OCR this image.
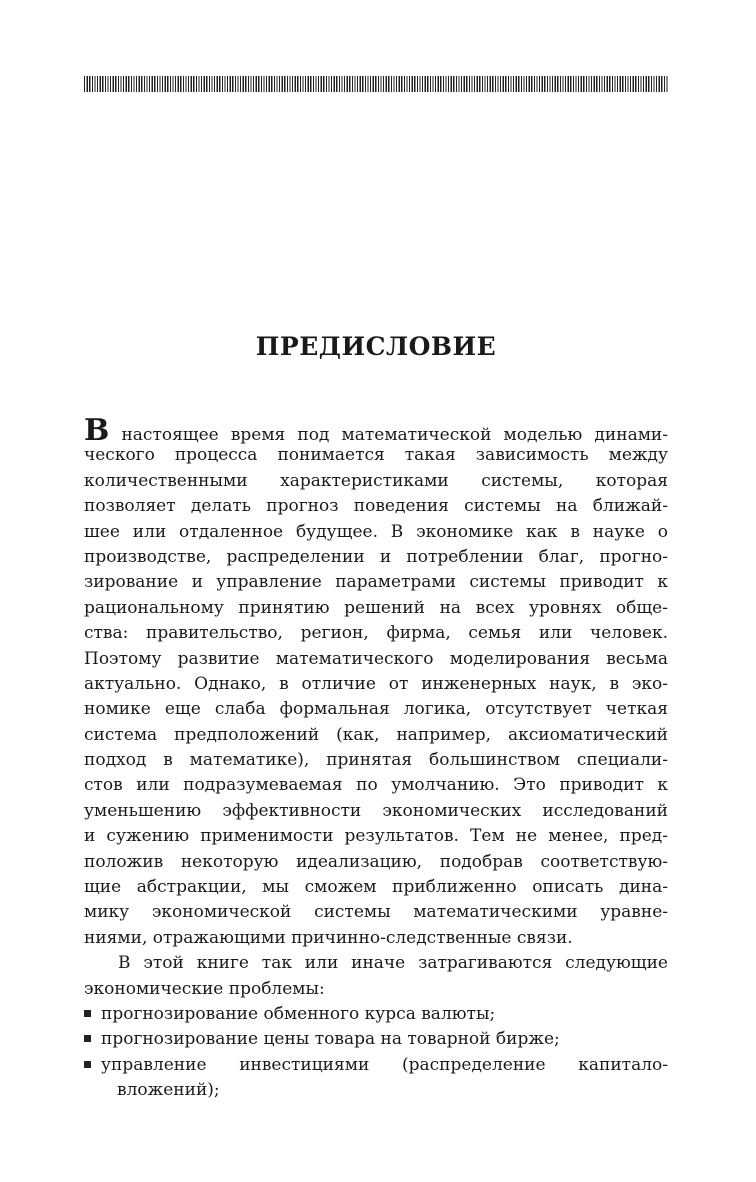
ПРЕДИСЛОВИЕ
В настоящее время под математической моделью динами-
ческого процесса понимается такая зависимость между
количественными характеристиками системы, которая
позволяет делать прогноз поведения системы на ближай-
шее или отдаленное будущее. В экономике как в науке о
производстве, распределении и потреблении благ, прогно-
зирование и управление параметрами системы приводит к
рациональному принятию решений на всех уровнях обще-
ства: правительство, регион, фирма, семья или человек.
Поэтому развитие математического моделирования весьма
актуально. Однако, в отличие от инженерных наук, в эко-
номике еще слаба формальная логика, отсутствует четкая
система предположений (как, например, аксиоматический
подход в математике), принятая большинством специали-
стов или подразумеваемая по умолчанию. Это приводит к
уменьшению эффективности экономических исследований
и сужению применимости результатов. Тем не менее, пред-
положив некоторую идеализацию, подобрав соответствую-
щие абстракции, мы сможем приближенно описать дина-
мику экономической системы математическими уравне-
ниями, отражающими причинно-следственные связи.
В этой книге так или иначе затрагиваются следующие
экономические проблемы:
прогнозирование обменного курса валюты;
прогнозирование цены товара на товарной бирже;
управление инвестициями (распределение капитало-
вложений);
